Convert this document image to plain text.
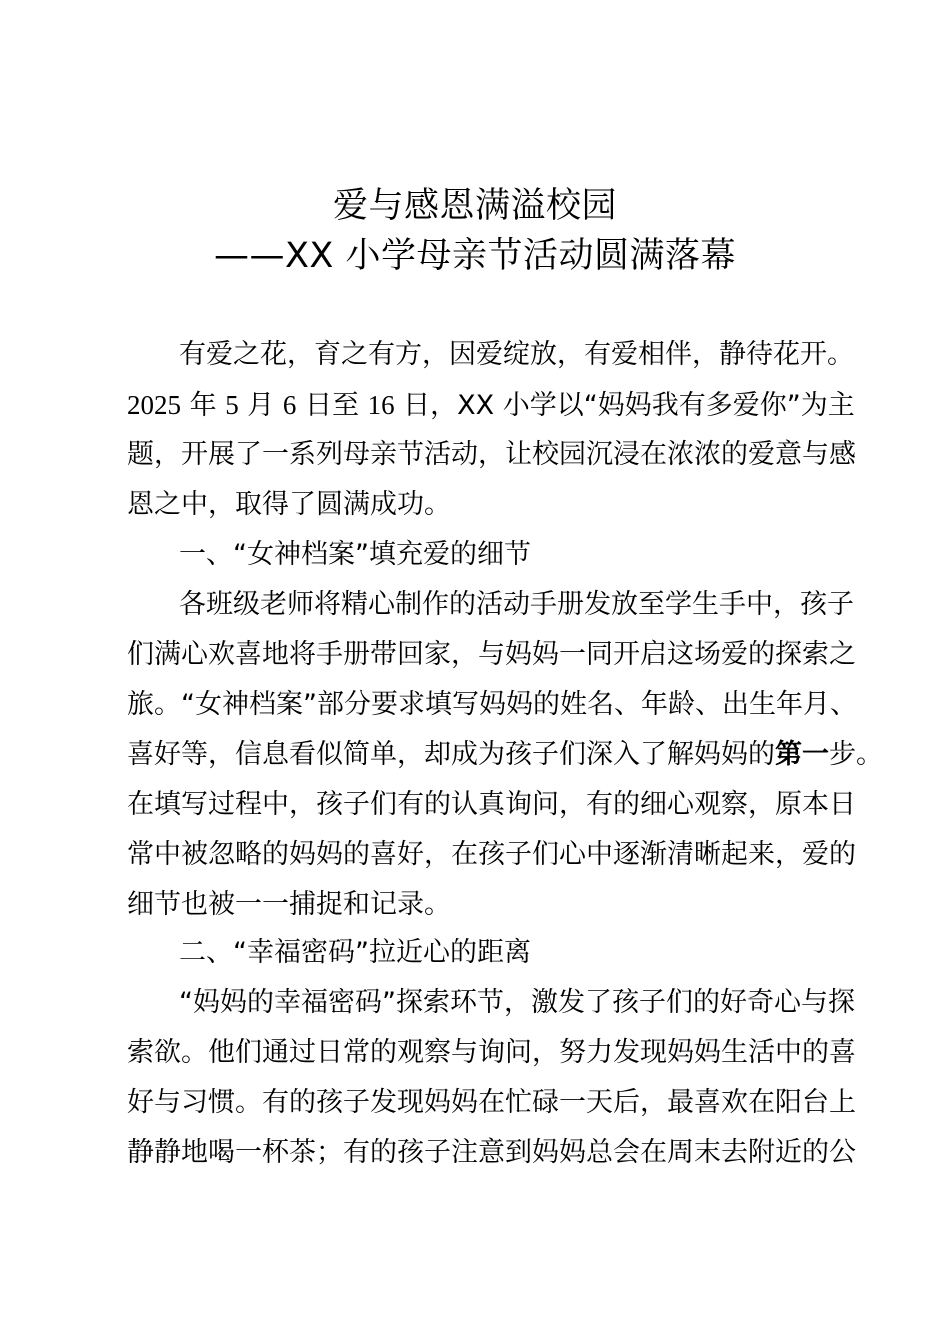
爱与感恩满溢校园
——XX 小学母亲节活动圆满落幕
有爱之花，育之有方，因爱绽放，有爱相伴，静待花开。
2025 年 5 月 6 日至 16 日，XX 小学以“妈妈我有多爱你”为主
题，开展了一系列母亲节活动，让校园沉浸在浓浓的爱意与感
恩之中，取得了圆满成功。
一、“女神档案”填充爱的细节
各班级老师将精心制作的活动手册发放至学生手中，孩子
们满心欢喜地将手册带回家，与妈妈一同开启这场爱的探索之
旅。“女神档案”部分要求填写妈妈的姓名、年龄、出生年月、
喜好等，信息看似简单，却成为孩子们深入了解妈妈的第一步。
在填写过程中，孩子们有的认真询问，有的细心观察，原本日
常中被忽略的妈妈的喜好，在孩子们心中逐渐清晰起来，爱的
细节也被一一捕捉和记录。
二、“幸福密码”拉近心的距离
“妈妈的幸福密码”探索环节，激发了孩子们的好奇心与探
索欲。他们通过日常的观察与询问，努力发现妈妈生活中的喜
好与习惯。有的孩子发现妈妈在忙碌一天后，最喜欢在阳台上
静静地喝一杯茶；有的孩子注意到妈妈总会在周末去附近的公
